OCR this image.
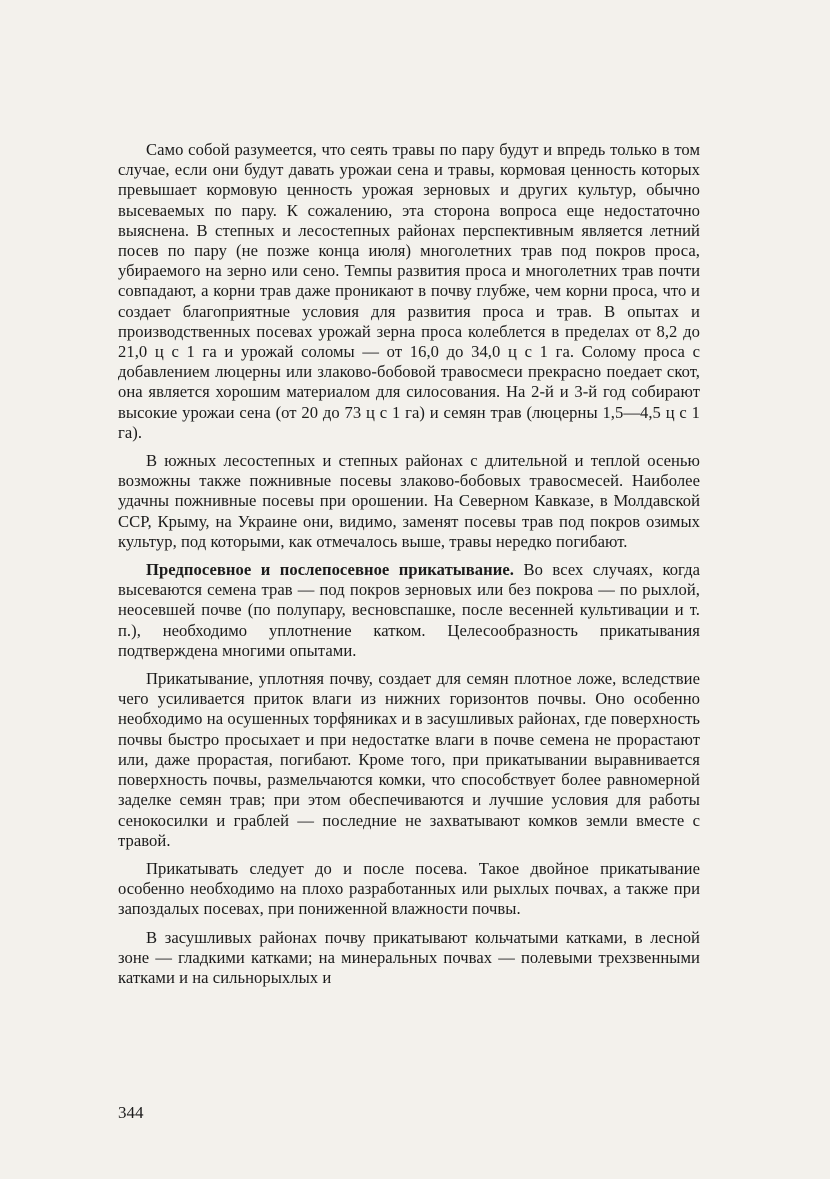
Само собой разумеется, что сеять травы по пару будут и впредь только в том случае, если они будут давать урожаи сена и травы, кормовая ценность которых превышает кормовую ценность урожая зерновых и других культур, обычно высеваемых по пару. К сожалению, эта сторона вопроса еще недостаточно выяснена. В степных и лесостепных районах перспективным является летний посев по пару (не позже конца июля) многолетних трав под покров проса, убираемого на зерно или сено. Темпы развития проса и многолетних трав почти совпадают, а корни трав даже проникают в почву глубже, чем корни проса, что и создает благоприятные условия для развития проса и трав. В опытах и производственных посевах урожай зерна проса колеблется в пределах от 8,2 до 21,0 ц с 1 га и урожай соломы — от 16,0 до 34,0 ц с 1 га. Солому проса с добавлением люцерны или злаково-бобовой травосмеси прекрасно поедает скот, она является хорошим материалом для силосования. На 2-й и 3-й год собирают высокие урожаи сена (от 20 до 73 ц с 1 га) и семян трав (люцерны 1,5—4,5 ц с 1 га).

В южных лесостепных и степных районах с длительной и теплой осенью возможны также пожнивные посевы злаково-бобовых травосмесей. Наиболее удачны пожнивные посевы при орошении. На Северном Кавказе, в Молдавской ССР, Крыму, на Украине они, видимо, заменят посевы трав под покров озимых культур, под которыми, как отмечалось выше, травы нередко погибают.

Предпосевное и послепосевное прикатывание. Во всех случаях, когда высеваются семена трав — под покров зерновых или без покрова — по рыхлой, неосевшей почве (по полупару, весновспашке, после весенней культивации и т. п.), необходимо уплотнение катком. Целесообразность прикатывания подтверждена многими опытами.

Прикатывание, уплотняя почву, создает для семян плотное ложе, вследствие чего усиливается приток влаги из нижних горизонтов почвы. Оно особенно необходимо на осушенных торфяниках и в засушливых районах, где поверхность почвы быстро просыхает и при недостатке влаги в почве семена не прорастают или, даже прорастая, погибают. Кроме того, при прикатывании выравнивается поверхность почвы, размельчаются комки, что способствует более равномерной заделке семян трав; при этом обеспечиваются и лучшие условия для работы сенокосилки и граблей — последние не захватывают комков земли вместе с травой.

Прикатывать следует до и после посева. Такое двойное прикатывание особенно необходимо на плохо разработанных или рыхлых почвах, а также при запоздалых посевах, при пониженной влажности почвы.

В засушливых районах почву прикатывают кольчатыми катками, в лесной зоне — гладкими катками; на минеральных почвах — полевыми трехзвенными катками и на сильнорыхлых и

344
